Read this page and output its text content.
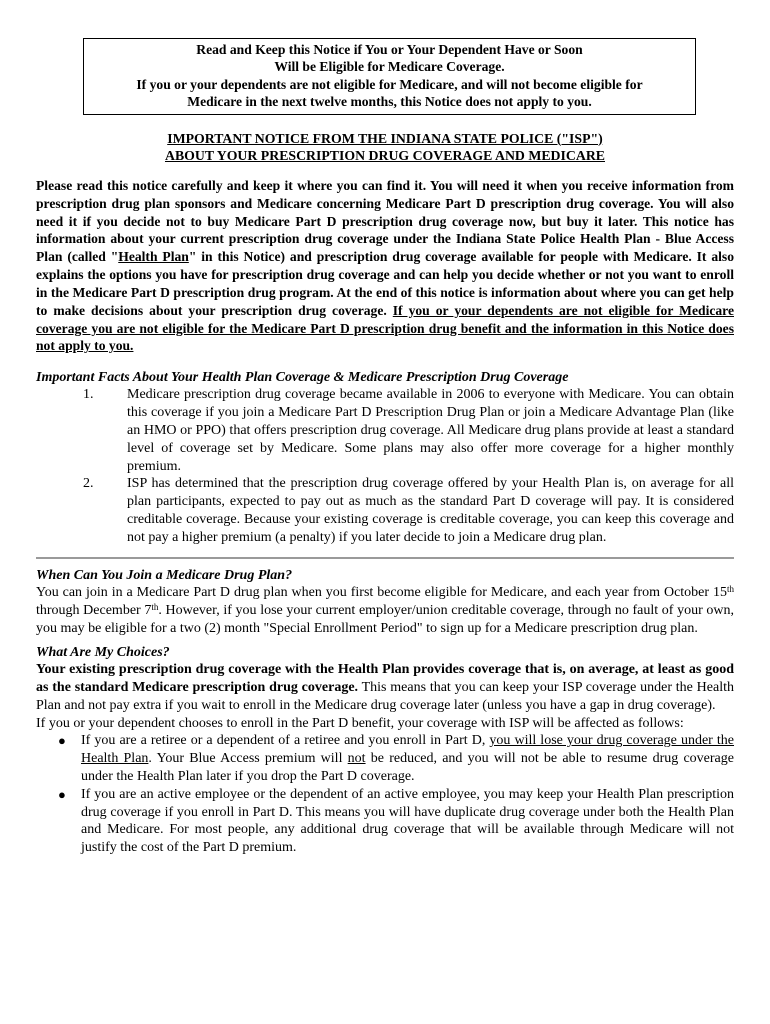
Read and Keep this Notice if You or Your Dependent Have or Soon
Will be Eligible for Medicare Coverage.
If you or your dependents are not eligible for Medicare, and will not become eligible for
Medicare in the next twelve months, this Notice does not apply to you.
IMPORTANT NOTICE FROM THE INDIANA STATE POLICE ("ISP")
ABOUT YOUR PRESCRIPTION DRUG COVERAGE AND MEDICARE

Please read this notice carefully and keep it where you can find it. You will need it when you receive information from prescription drug plan sponsors and Medicare concerning Medicare Part D prescription drug coverage. You will also need it if you decide not to buy Medicare Part D prescription drug coverage now, but buy it later. This notice has information about your current prescription drug coverage under the Indiana State Police Health Plan - Blue Access Plan (called "Health Plan" in this Notice) and prescription drug coverage available for people with Medicare. It also explains the options you have for prescription drug coverage and can help you decide whether or not you want to enroll in the Medicare Part D prescription drug program. At the end of this notice is information about where you can get help to make decisions about your prescription drug coverage. If you or your dependents are not eligible for Medicare coverage you are not eligible for the Medicare Part D prescription drug benefit and the information in this Notice does not apply to you.

Important Facts About Your Health Plan Coverage & Medicare Prescription Drug Coverage
1. Medicare prescription drug coverage became available in 2006 to everyone with Medicare. You can obtain this coverage if you join a Medicare Part D Prescription Drug Plan or join a Medicare Advantage Plan (like an HMO or PPO) that offers prescription drug coverage. All Medicare drug plans provide at least a standard level of coverage set by Medicare. Some plans may also offer more coverage for a higher monthly premium.
2. ISP has determined that the prescription drug coverage offered by your Health Plan is, on average for all plan participants, expected to pay out as much as the standard Part D coverage will pay. It is considered creditable coverage. Because your existing coverage is creditable coverage, you can keep this coverage and not pay a higher premium (a penalty) if you later decide to join a Medicare drug plan.
When Can You Join a Medicare Drug Plan?

You can join in a Medicare Part D drug plan when you first become eligible for Medicare, and each year from October 15th through December 7th. However, if you lose your current employer/union creditable coverage, through no fault of your own, you may be eligible for a two (2) month "Special Enrollment Period" to sign up for a Medicare prescription drug plan.

What Are My Choices?

Your existing prescription drug coverage with the Health Plan provides coverage that is, on average, at least as good as the standard Medicare prescription drug coverage. This means that you can keep your ISP coverage under the Health Plan and not pay extra if you wait to enroll in the Medicare drug coverage later (unless you have a gap in drug coverage).

If you or your dependent chooses to enroll in the Part D benefit, your coverage with ISP will be affected as follows:

● If you are a retiree or a dependent of a retiree and you enroll in Part D, you will lose your drug coverage under the Health Plan. Your Blue Access premium will not be reduced, and you will not be able to resume drug coverage under the Health Plan later if you drop the Part D coverage.
● If you are an active employee or the dependent of an active employee, you may keep your Health Plan prescription drug coverage if you enroll in Part D. This means you will have duplicate drug coverage under both the Health Plan and Medicare. For most people, any additional drug coverage that will be available through Medicare will not justify the cost of the Part D premium.
